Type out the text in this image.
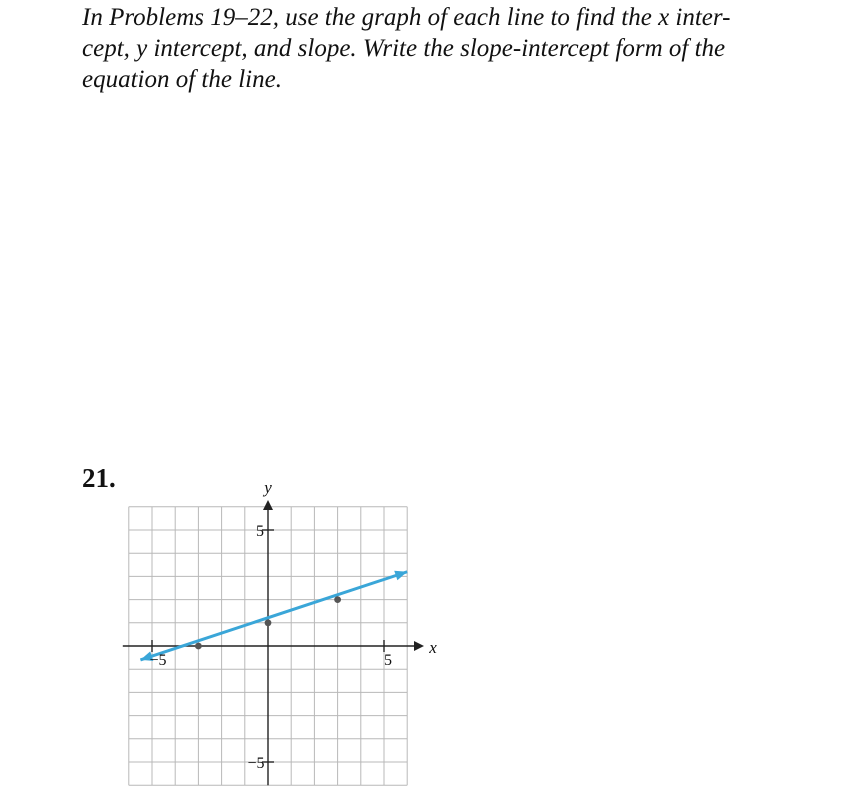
In Problems 19–22, use the graph of each line to find the x inter-
cept, y intercept, and slope. Write the slope-intercept form of the
equation of the line.
21.	y
x
5
−5
−5	5
